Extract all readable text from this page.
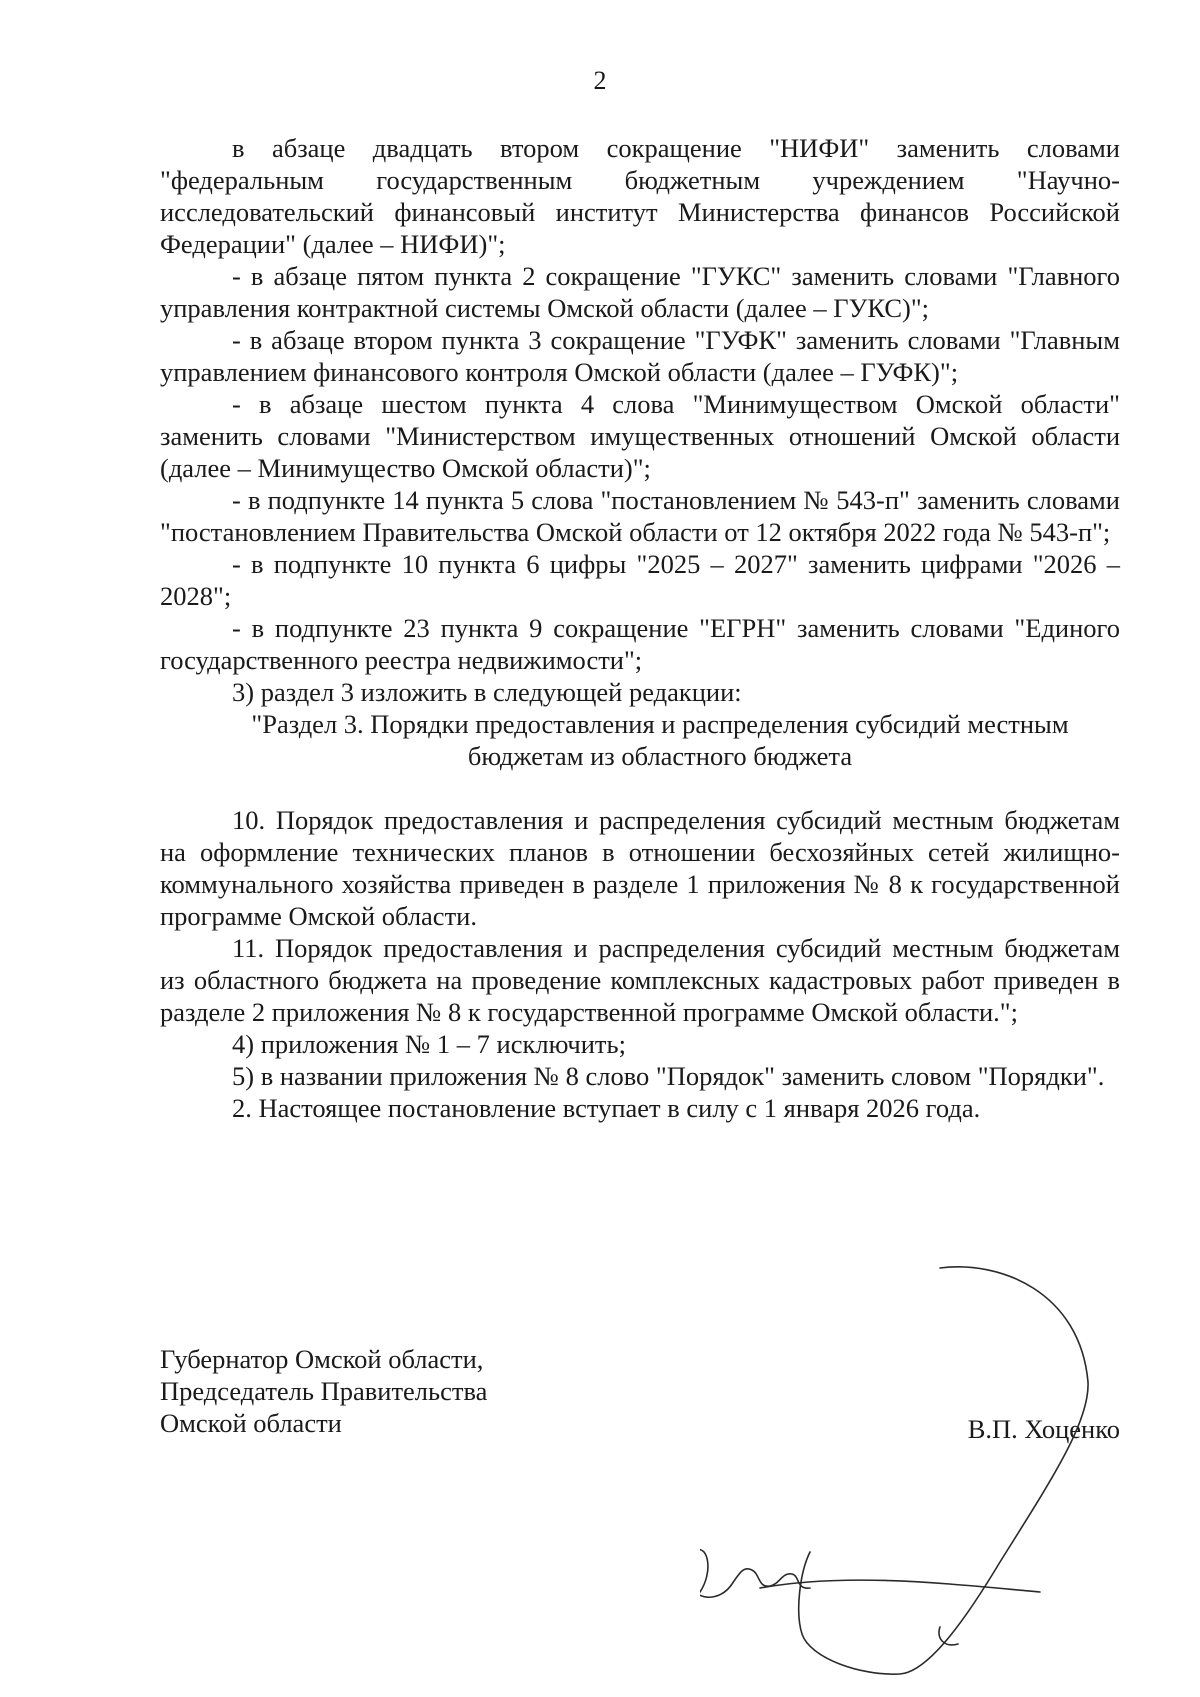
2

в абзаце двадцать втором сокращение "НИФИ" заменить словами "федеральным государственным бюджетным учреждением "Научно-исследовательский финансовый институт Министерства финансов Российской Федерации" (далее – НИФИ)";

- в абзаце пятом пункта 2 сокращение "ГУКС" заменить словами "Главного управления контрактной системы Омской области (далее – ГУКС)";

- в абзаце втором пункта 3 сокращение "ГУФК" заменить словами "Главным управлением финансового контроля Омской области (далее – ГУФК)";

- в абзаце шестом пункта 4 слова "Минимуществом Омской области" заменить словами "Министерством имущественных отношений Омской области (далее – Минимущество Омской области)";

- в подпункте 14 пункта 5 слова "постановлением № 543-п" заменить словами "постановлением Правительства Омской области от 12 октября 2022 года № 543-п";

- в подпункте 10 пункта 6 цифры "2025 – 2027" заменить цифрами "2026 – 2028";

- в подпункте 23 пункта 9 сокращение "ЕГРН" заменить словами "Единого государственного реестра недвижимости";

3) раздел 3 изложить в следующей редакции:

"Раздел 3. Порядки предоставления и распределения субсидий местным
бюджетам из областного бюджета

10. Порядок предоставления и распределения субсидий местным бюджетам на оформление технических планов в отношении бесхозяйных сетей жилищно-коммунального хозяйства приведен в разделе 1 приложения № 8 к государственной программе Омской области.

11. Порядок предоставления и распределения субсидий местным бюджетам из областного бюджета на проведение комплексных кадастровых работ приведен в разделе 2 приложения № 8 к государственной программе Омской области.";

4) приложения № 1 – 7 исключить;

5) в названии приложения № 8 слово "Порядок" заменить словом "Порядки".

2. Настоящее постановление вступает в силу с 1 января 2026 года.

Губернатор Омской области,
Председатель Правительства
Омской области	В.П. Хоценко
